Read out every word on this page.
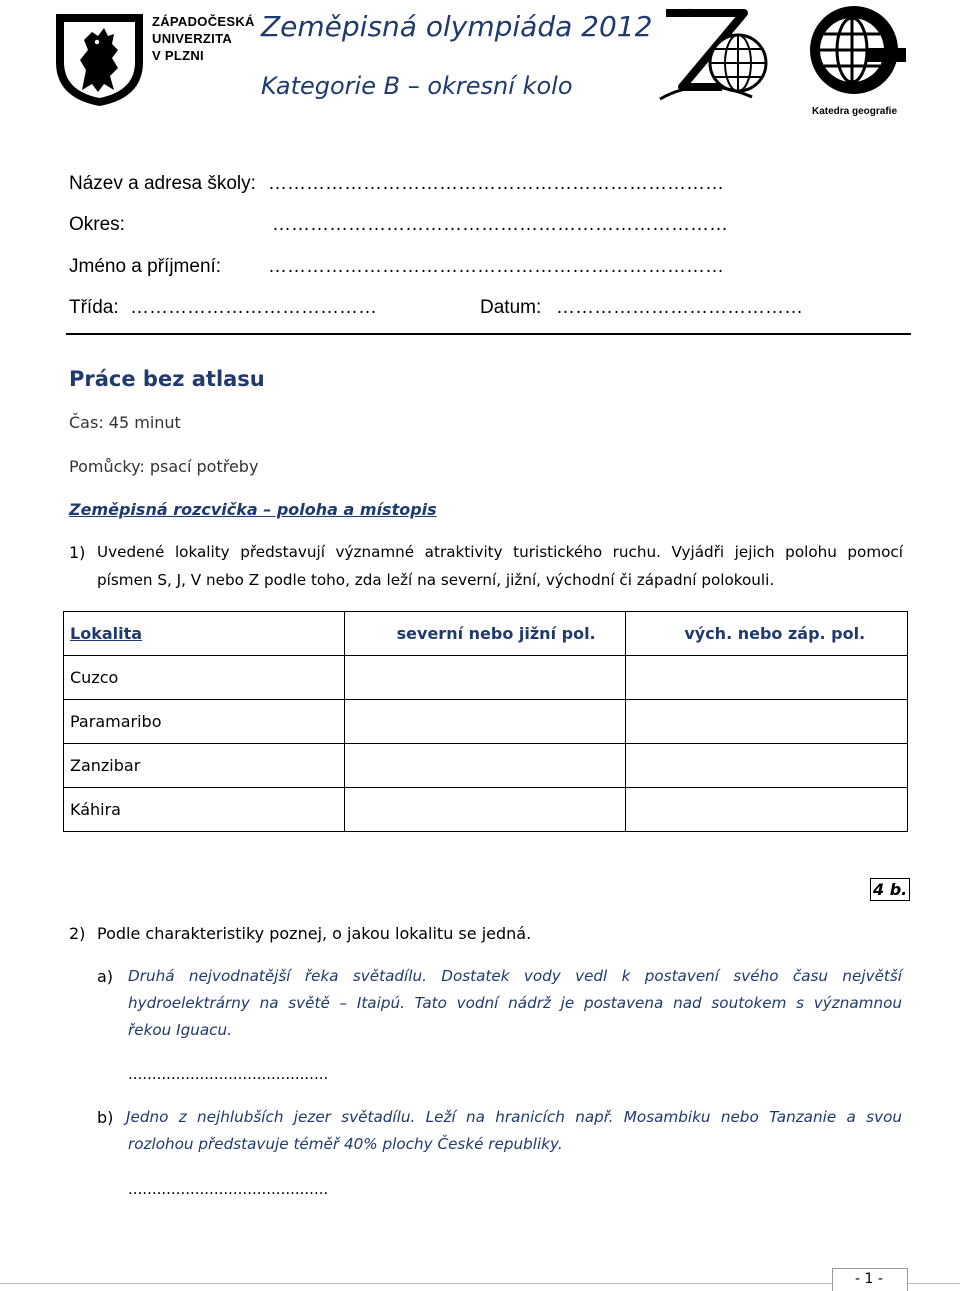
ZÁPADOČESKÁ
UNIVERZITA
V PLZNI
Zeměpisná olympiáda 2012
Kategorie B – okresní kolo
Katedra geografie
Název a adresa školy: ………………………………………………………………
Okres:	………………………………………………………………
Jméno a příjmení: ………………………………………………………………
Třída: …………………………………	Datum: …………………………………
Práce bez atlasu
Čas: 45 minut
Pomůcky: psací potřeby
Zeměpisná rozcvička – poloha a místopis
1) Uvedené lokality představují významné atraktivity turistického ruchu. Vyjádři jejich polohu pomocí
písmen S, J, V nebo Z podle toho, zda leží na severní, jižní, východní či západní polokouli.
Lokalita	severní nebo jižní pol.	vých. nebo záp. pol.
Cuzco		
Paramaribo		
Zanzibar		
Káhira		
4 b.
2) Podle charakteristiky poznej, o jakou lokalitu se jedná.
a) Druhá nejvodnatější řeka světadílu. Dostatek vody vedl k postavení svého času největší
hydroelektrárny na světě – Itaipú. Tato vodní nádrž je postavena nad soutokem s významnou
řekou Iguacu.
..........................................
b) Jedno z nejhlubších jezer světadílu. Leží na hranicích např. Mosambiku nebo Tanzanie a svou
rozlohou představuje téměř 40% plochy České republiky.
..........................................
- 1 -
